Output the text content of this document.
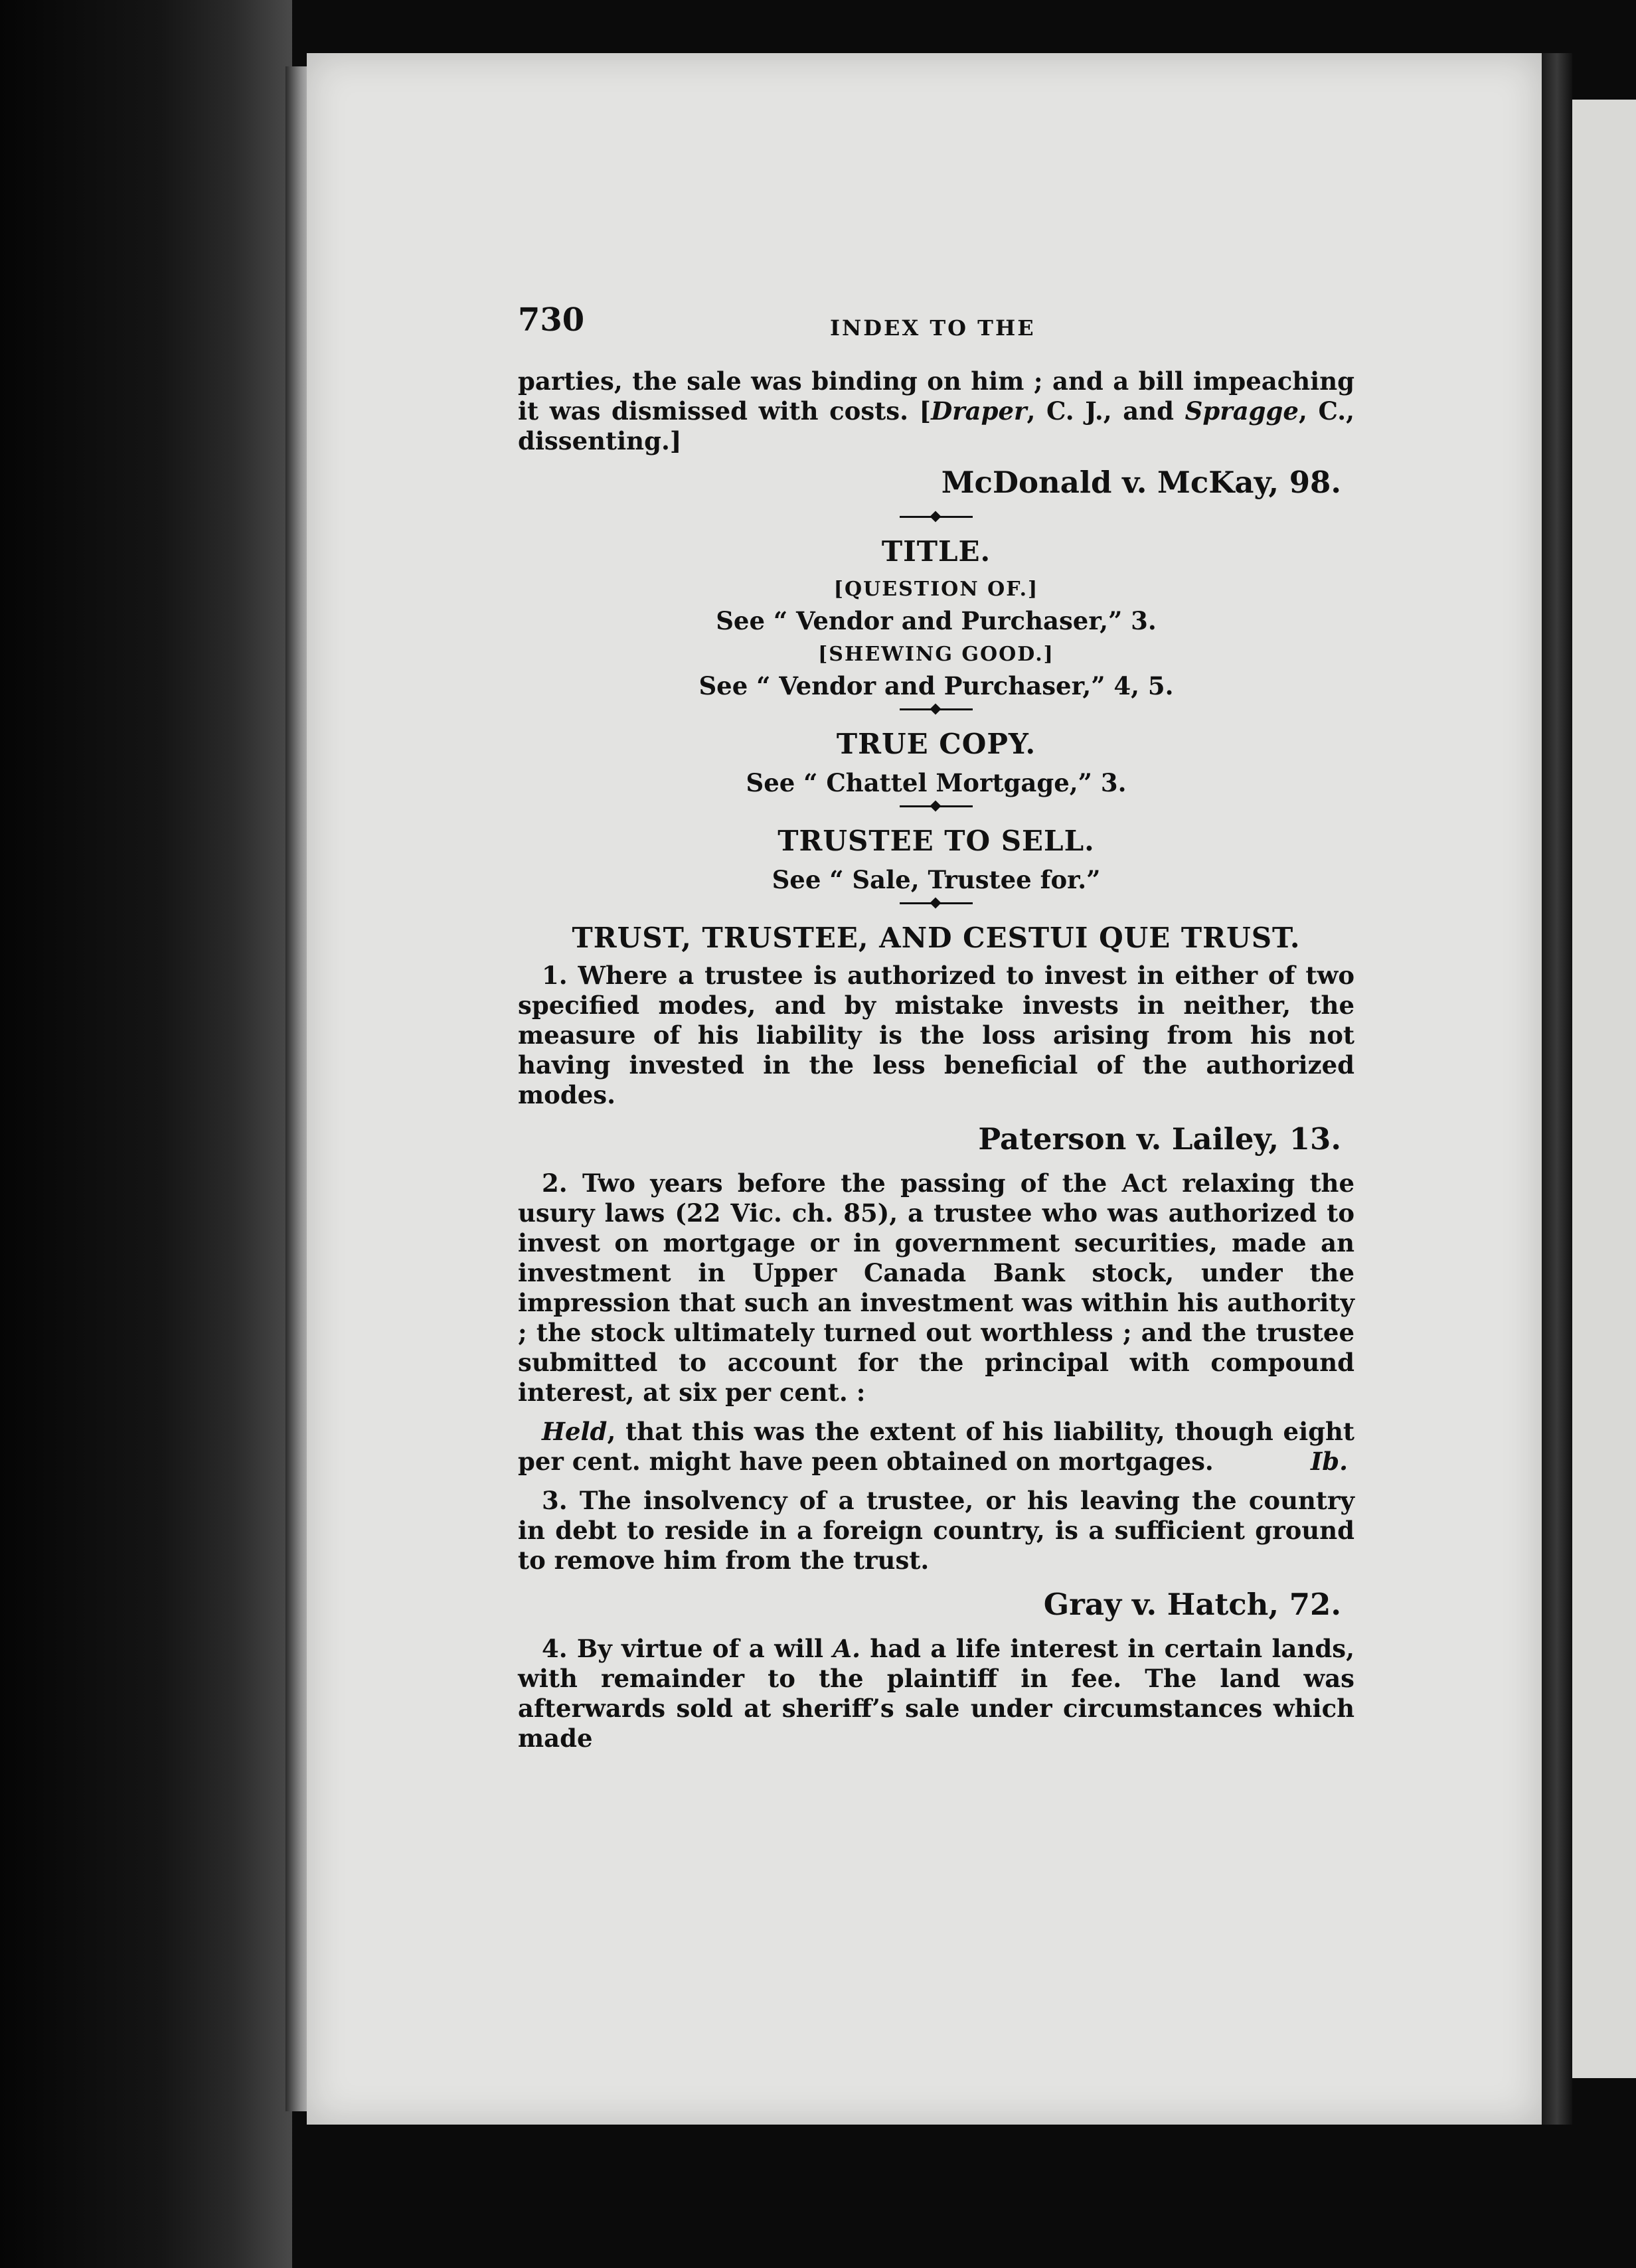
730	INDEX TO THE

parties, the sale was binding on him ; and a bill impeaching it was dismissed with costs. [Draper, C. J., and Spragge, C., dissenting.]

McDonald v. McKay, 98.
TITLE.
[QUESTION OF.]
See “ Vendor and Purchaser,” 3.
[SHEWING GOOD.]
See “ Vendor and Purchaser,” 4, 5.
TRUE COPY.
See “ Chattel Mortgage,” 3.
TRUSTEE TO SELL.
See “ Sale, Trustee for.”
TRUST, TRUSTEE, AND CESTUI QUE TRUST.

1. Where a trustee is authorized to invest in either of two specified modes, and by mistake invests in neither, the measure of his liability is the loss arising from his not having invested in the less beneficial of the authorized modes.

Paterson v. Lailey, 13.

2. Two years before the passing of the Act relaxing the usury laws (22 Vic. ch. 85), a trustee who was authorized to invest on mortgage or in government securities, made an investment in Upper Canada Bank stock, under the impression that such an investment was within his authority ; the stock ultimately turned out worthless ; and the trustee submitted to account for the principal with compound interest, at six per cent. :

Held, that this was the extent of his liability, though eight per cent. might have peen obtained on mortgages.	Ib.

3. The insolvency of a trustee, or his leaving the country in debt to reside in a foreign country, is a sufficient ground to remove him from the trust.

Gray v. Hatch, 72.

4. By virtue of a will A. had a life interest in certain lands, with remainder to the plaintiff in fee. The land was afterwards sold at sheriff’s sale under circumstances which made
